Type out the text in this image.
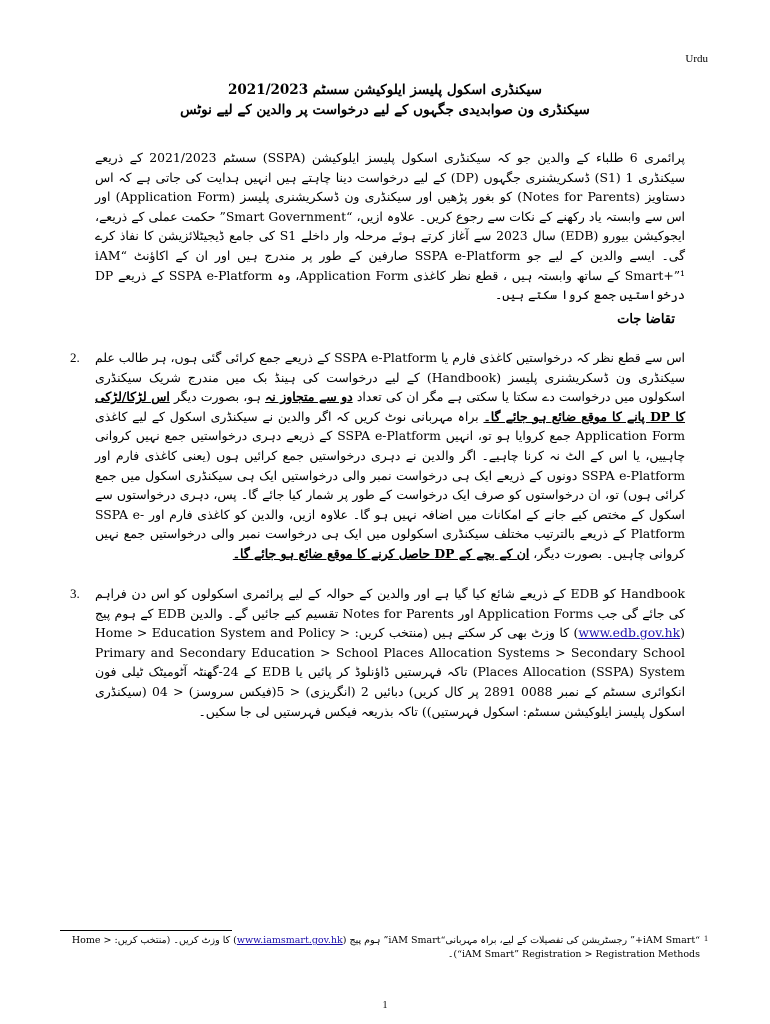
Urdu
سیکنڈری اسکول پلیسز ایلوکیشن سسٹم 2021/2023
سیکنڈری ون صوابدیدی جگہوں کے لیے درخواست پر والدین کے لیے نوٹس
پرائمری 6 طلباء کے والدین جو کہ سیکنڈری اسکول پلیسز ایلوکیشن (SSPA) سسٹم 2021/2023 کے ذریعے سیکنڈری 1 (S1) ڈسکریشنری جگہوں (DP) کے لیے درخواست دینا چاہتے ہیں انہیں ہدایت کی جاتی ہے کہ اس دستاویز (Notes for Parents) کو بغور پڑھیں اور سیکنڈری ون ڈسکریشنری پلیسز (Application Form) اور اس سے وابستہ یاد رکھنے کے نکات سے رجوع کریں۔ علاوہ ازیں، “Smart Government” حکمت عملی کے ذریعے، ایجوکیشن بیورو (EDB) سال 2023 سے آغاز کرتے ہوئے مرحلہ وار داخلے S1 کی جامع ڈیجیٹلائزیشن کا نفاذ کرے گی۔ ایسے والدین کے لیے جو SSPA e-Platform صارفین کے طور پر مندرج ہیں اور ان کے اکاؤنٹ “iAM Smart+”¹ کے ساتھ وابستہ ہیں ، قطع نظر کاغذی Application Form، وہ SSPA e-Platform کے ذریعے DP درخواستیں جمع کروا سکتے ہیں۔
تقاضا جات
2. اس سے قطع نظر کہ درخواستیں کاغذی فارم یا SSPA e-Platform کے ذریعے جمع کرائی گئی ہوں، ہر طالب علم سیکنڈری ون ڈسکریشنری پلیسز (Handbook) کے لیے درخواست کی ہینڈ بک میں مندرج شریک سیکنڈری اسکولوں میں درخواست دے سکتا یا سکتی ہے مگر ان کی تعداد دو سے متجاوز نہ ہو، بصورت دیگر اس لڑکا/لڑکی کا DP پانے کا موقع ضائع ہو جائے گا۔ براہ مہربانی نوٹ کریں کہ اگر والدین نے سیکنڈری اسکول کے لیے کاغذی Application Form جمع کروایا ہو تو، انہیں SSPA e-Platform کے ذریعے دہری درخواستیں جمع نہیں کروانی چاہییں، یا اس کے الٹ نہ کرنا چاہیے۔ اگر والدین نے دہری درخواستیں جمع کرائیں ہوں (یعنی کاغذی فارم اور SSPA e-Platform دونوں کے ذریعے ایک ہی درخواست نمبر والی درخواستیں ایک ہی سیکنڈری اسکول میں جمع کرائی ہوں) تو، ان درخواستوں کو صرف ایک درخواست کے طور پر شمار کیا جائے گا۔ پس، دہری درخواستوں سے اسکول کے مختص کیے جانے کے امکانات میں اضافہ نہیں ہو گا۔ علاوہ ازیں، والدین کو کاغذی فارم اور SSPA e-Platform کے ذریعے بالترتیب مختلف سیکنڈری اسکولوں میں ایک ہی درخواست نمبر والی درخواستیں جمع نہیں کروانی چاہیں۔ بصورت دیگر، ان کے بچے کے DP حاصل کرنے کا موقع ضائع ہو جائے گا۔
3. Handbook کو EDB کے ذریعے شائع کیا گیا ہے اور والدین کے حوالہ کے لیے پرائمری اسکولوں کو اس دن فراہم کی جائے گی جب Application Forms اور Notes for Parents تقسیم کیے جائیں گے۔ والدین EDB کے ہوم پیج (www.edb.gov.hk) کا وزٹ بھی کر سکتے ہیں (منتخب کریں: Home > Education System and Policy > Primary and Secondary Education > School Places Allocation Systems > Secondary School Places Allocation (SSPA) System) تاکہ فہرستیں ڈاؤنلوڈ کر پائیں یا EDB کے 24-گھنٹہ آٹومیٹک ٹیلی فون انکوائری سسٹم کے نمبر 0088 2891 پر کال کریں) دبائیں 2 (انگریزی) < 5(فیکس سروسز) < 04 (سیکنڈری اسکول پلیسز ایلوکیشن سسٹم: اسکول فہرستیں)) تاکہ بذریعہ فیکس فہرستیں لی جا سکیں۔
1
“iAM Smart+” رجسٹریشن کی تفصیلات کے لیے، براہ مہربانی“iAM Smart” ہوم پیج (www.iamsmart.gov.hk) کا وزٹ کریں۔ (منتخب کریں: Home > “iAM Smart” Registration > Registration Methods)۔
1
